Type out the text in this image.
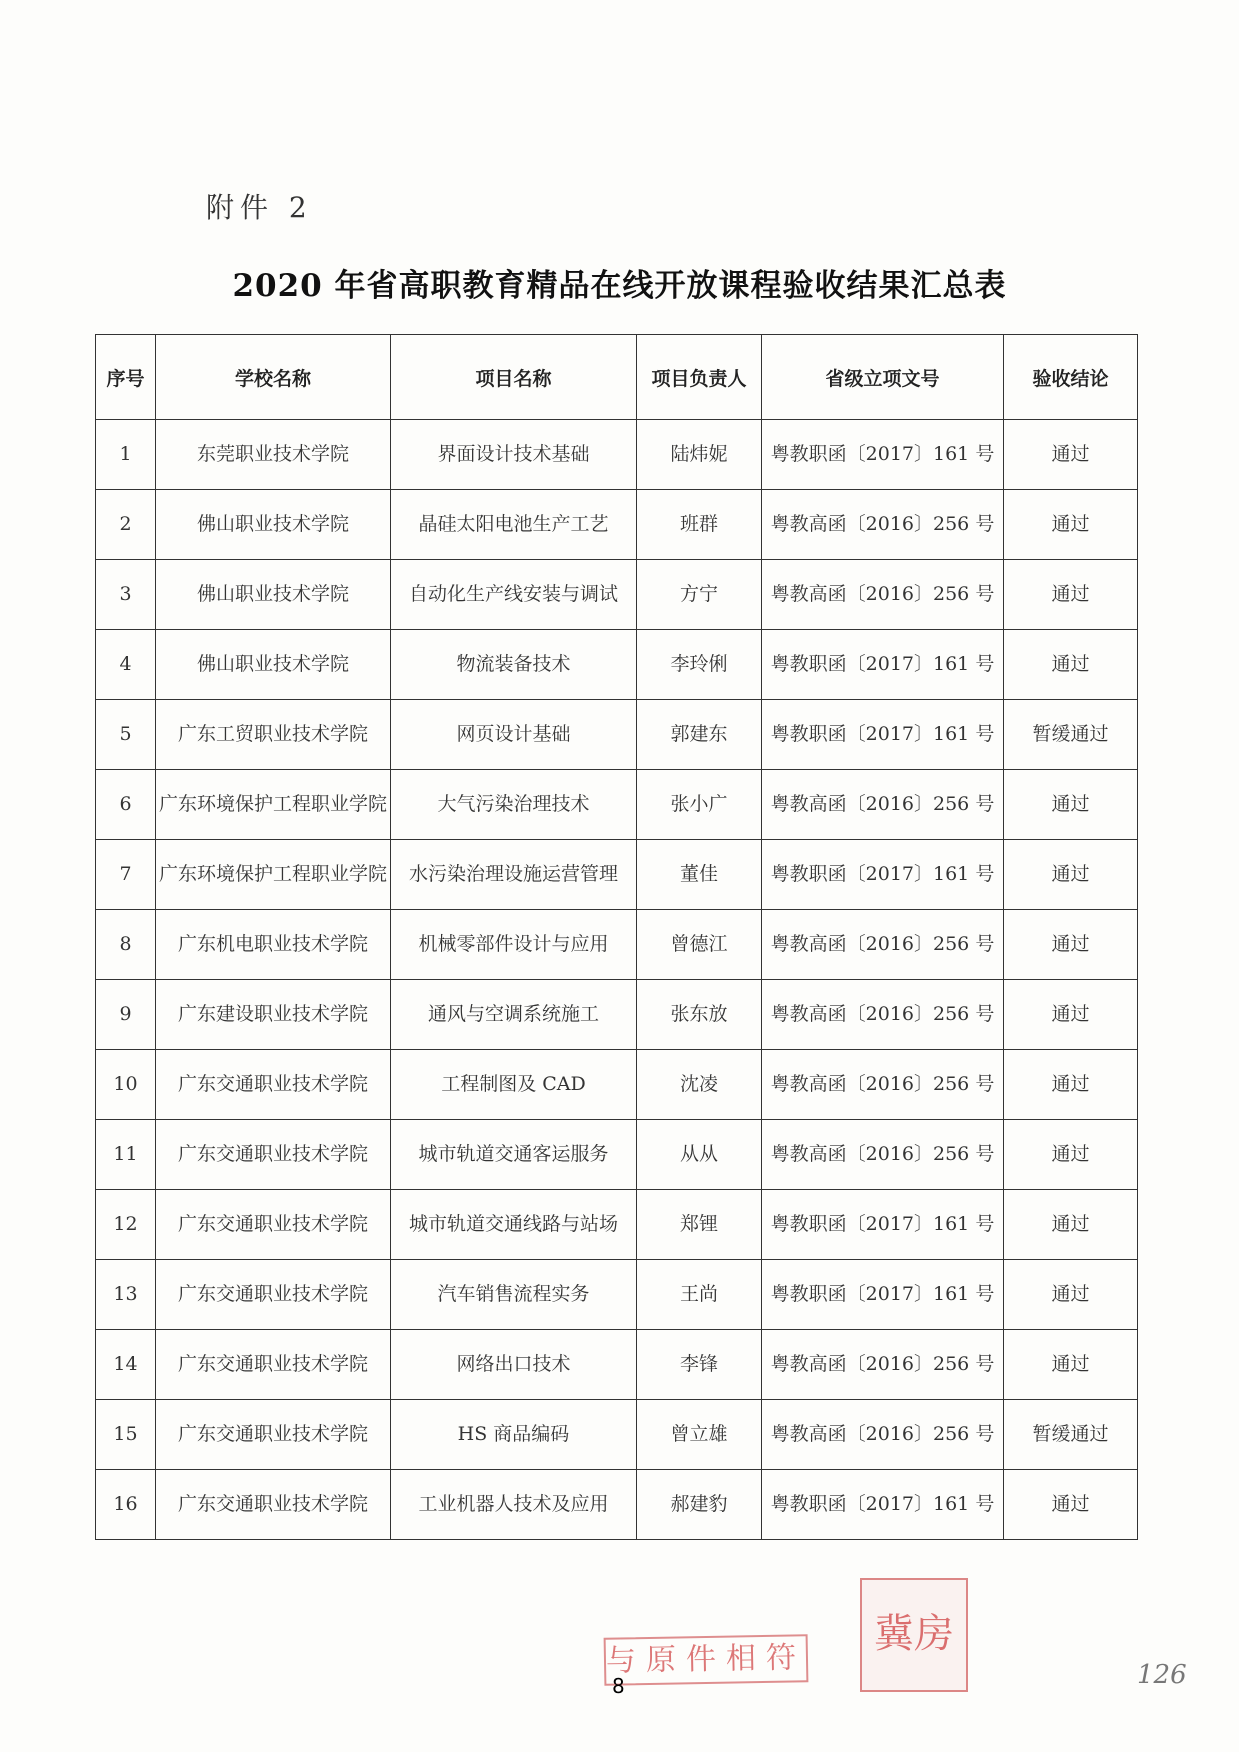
附件 2
2020 年省高职教育精品在线开放课程验收结果汇总表
序号	学校名称	项目名称	项目负责人	省级立项文号	验收结论
1	东莞职业技术学院	界面设计技术基础	陆炜妮	粤教职函〔2017〕161 号	通过
2	佛山职业技术学院	晶硅太阳电池生产工艺	班群	粤教高函〔2016〕256 号	通过
3	佛山职业技术学院	自动化生产线安装与调试	方宁	粤教高函〔2016〕256 号	通过
4	佛山职业技术学院	物流装备技术	李玲俐	粤教职函〔2017〕161 号	通过
5	广东工贸职业技术学院	网页设计基础	郭建东	粤教职函〔2017〕161 号	暂缓通过
6	广东环境保护工程职业学院	大气污染治理技术	张小广	粤教高函〔2016〕256 号	通过
7	广东环境保护工程职业学院	水污染治理设施运营管理	董佳	粤教职函〔2017〕161 号	通过
8	广东机电职业技术学院	机械零部件设计与应用	曾德江	粤教高函〔2016〕256 号	通过
9	广东建设职业技术学院	通风与空调系统施工	张东放	粤教高函〔2016〕256 号	通过
10	广东交通职业技术学院	工程制图及 CAD	沈凌	粤教高函〔2016〕256 号	通过
11	广东交通职业技术学院	城市轨道交通客运服务	从从	粤教高函〔2016〕256 号	通过
12	广东交通职业技术学院	城市轨道交通线路与站场	郑锂	粤教职函〔2017〕161 号	通过
13	广东交通职业技术学院	汽车销售流程实务	王尚	粤教职函〔2017〕161 号	通过
14	广东交通职业技术学院	网络出口技术	李锋	粤教高函〔2016〕256 号	通过
15	广东交通职业技术学院	HS 商品编码	曾立雄	粤教高函〔2016〕256 号	暂缓通过
16	广东交通职业技术学院	工业机器人技术及应用	郝建豹	粤教职函〔2017〕161 号	通过
与原件相符
冀房
8	126
